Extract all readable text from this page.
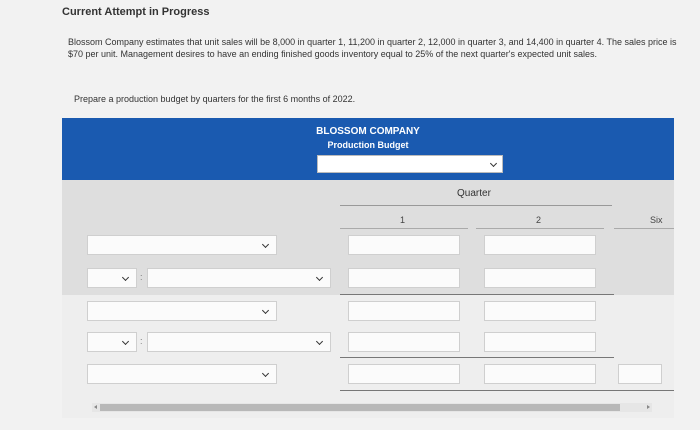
Current Attempt in Progress
Blossom Company estimates that unit sales will be 8,000 in quarter 1, 11,200 in quarter 2, 12,000 in quarter 3, and 14,400 in quarter 4. The sales price is $70 per unit. Management desires to have an ending finished goods inventory equal to 25% of the next quarter's expected unit sales.
Prepare a production budget by quarters for the first 6 months of 2022.
BLOSSOM COMPANY
Production Budget
Quarter
1	2	Six
:
:
